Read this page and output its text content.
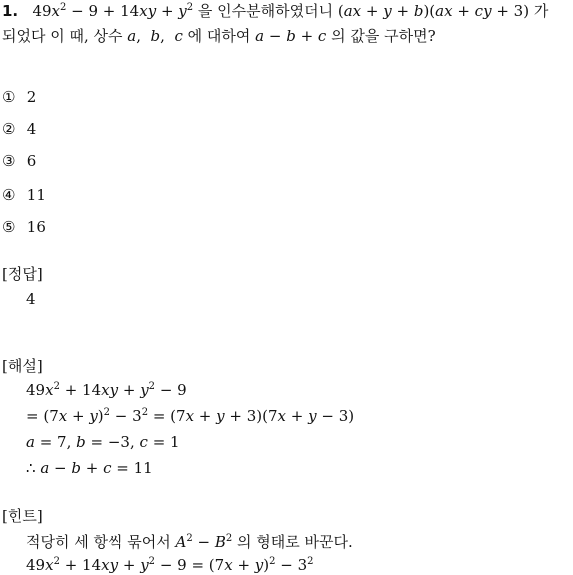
1. $49x^2 - 9 + 14xy + y^2$ 을 인수분해하였더니 (ax + y + b)(ax + cy + 3) 가
되었다 이 때, 상수 a,  b,  c 에 대하여 a − b + c 의 값을 구하면?
① 2
② 4
③ 6
④ 11
⑤ 16
[정답]
4
[해설]
$49x^2 + 14xy + y^2 - 9$
= $(7x + y)^2 - 3^2 = (7x + y + 3)(7x + y - 3)$
a = 7, b = −3, c = 1
∴ a − b + c = 11
[힌트]
적당히 세 항씩 묶어서 $A^2 - B^2$ 의 형태로 바꾼다.
$49x^2 + 14xy + y^2 - 9 = (7x + y)^2 - 3^2$
